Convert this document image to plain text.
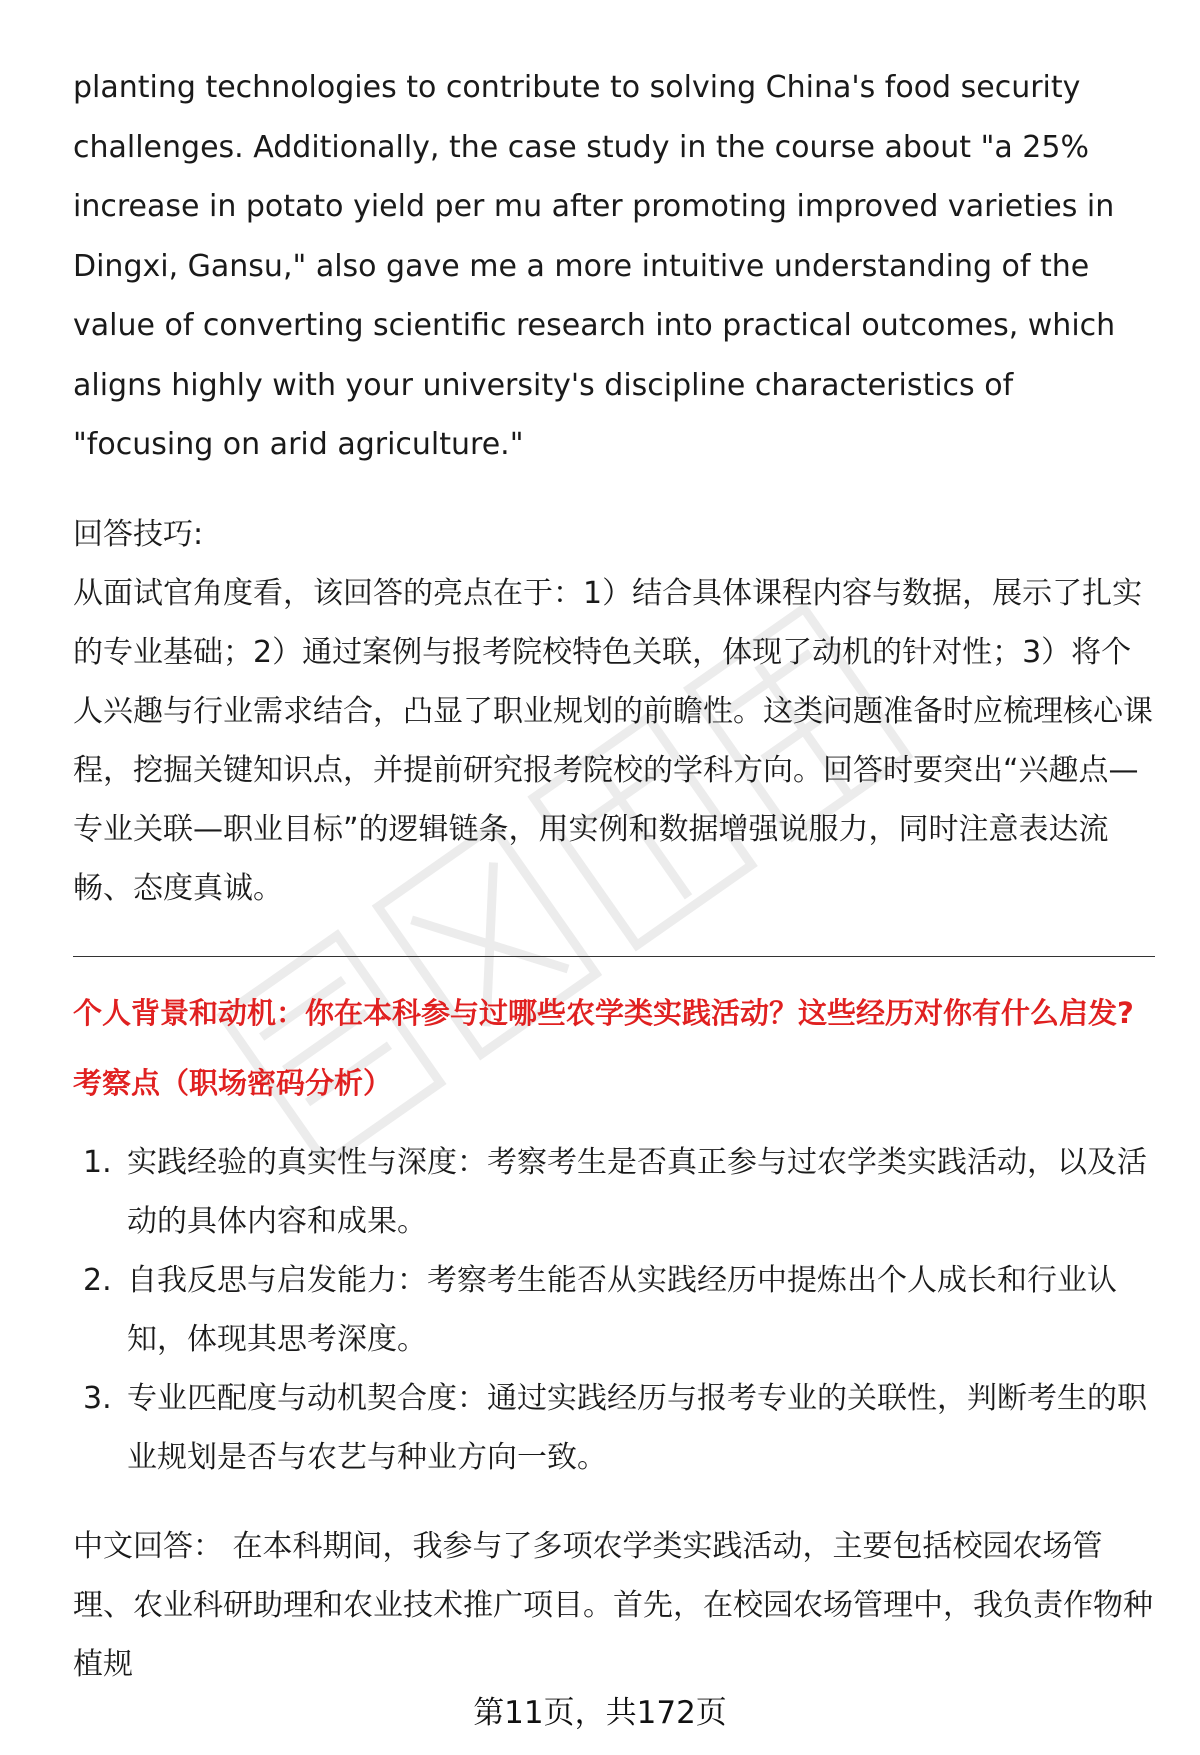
planting technologies to contribute to solving China's food security challenges. Additionally, the case study in the course about "a 25% increase in potato yield per mu after promoting improved varieties in Dingxi, Gansu," also gave me a more intuitive understanding of the value of converting scientific research into practical outcomes, which aligns highly with your university's discipline characteristics of "focusing on arid agriculture."

回答技巧:

从面试官角度看，该回答的亮点在于：1）结合具体课程内容与数据，展示了扎实的专业基础；2）通过案例与报考院校特色关联，体现了动机的针对性；3）将个人兴趣与行业需求结合，凸显了职业规划的前瞻性。这类问题准备时应梳理核心课程，挖掘关键知识点，并提前研究报考院校的学科方向。回答时要突出“兴趣点—专业关联—职业目标”的逻辑链条，用实例和数据增强说服力，同时注意表达流畅、态度真诚。

个人背景和动机：你在本科参与过哪些农学类实践活动？这些经历对你有什么启发?

考察点（职场密码分析）

1. 实践经验的真实性与深度：考察考生是否真正参与过农学类实践活动，以及活动的具体内容和成果。
2. 自我反思与启发能力：考察考生能否从实践经历中提炼出个人成长和行业认知，体现其思考深度。
3. 专业匹配度与动机契合度：通过实践经历与报考专业的关联性，判断考生的职业规划是否与农艺与种业方向一致。

中文回答： 在本科期间，我参与了多项农学类实践活动，主要包括校园农场管理、农业科研助理和农业技术推广项目。首先，在校园农场管理中，我负责作物种植规

第11页，共172页
